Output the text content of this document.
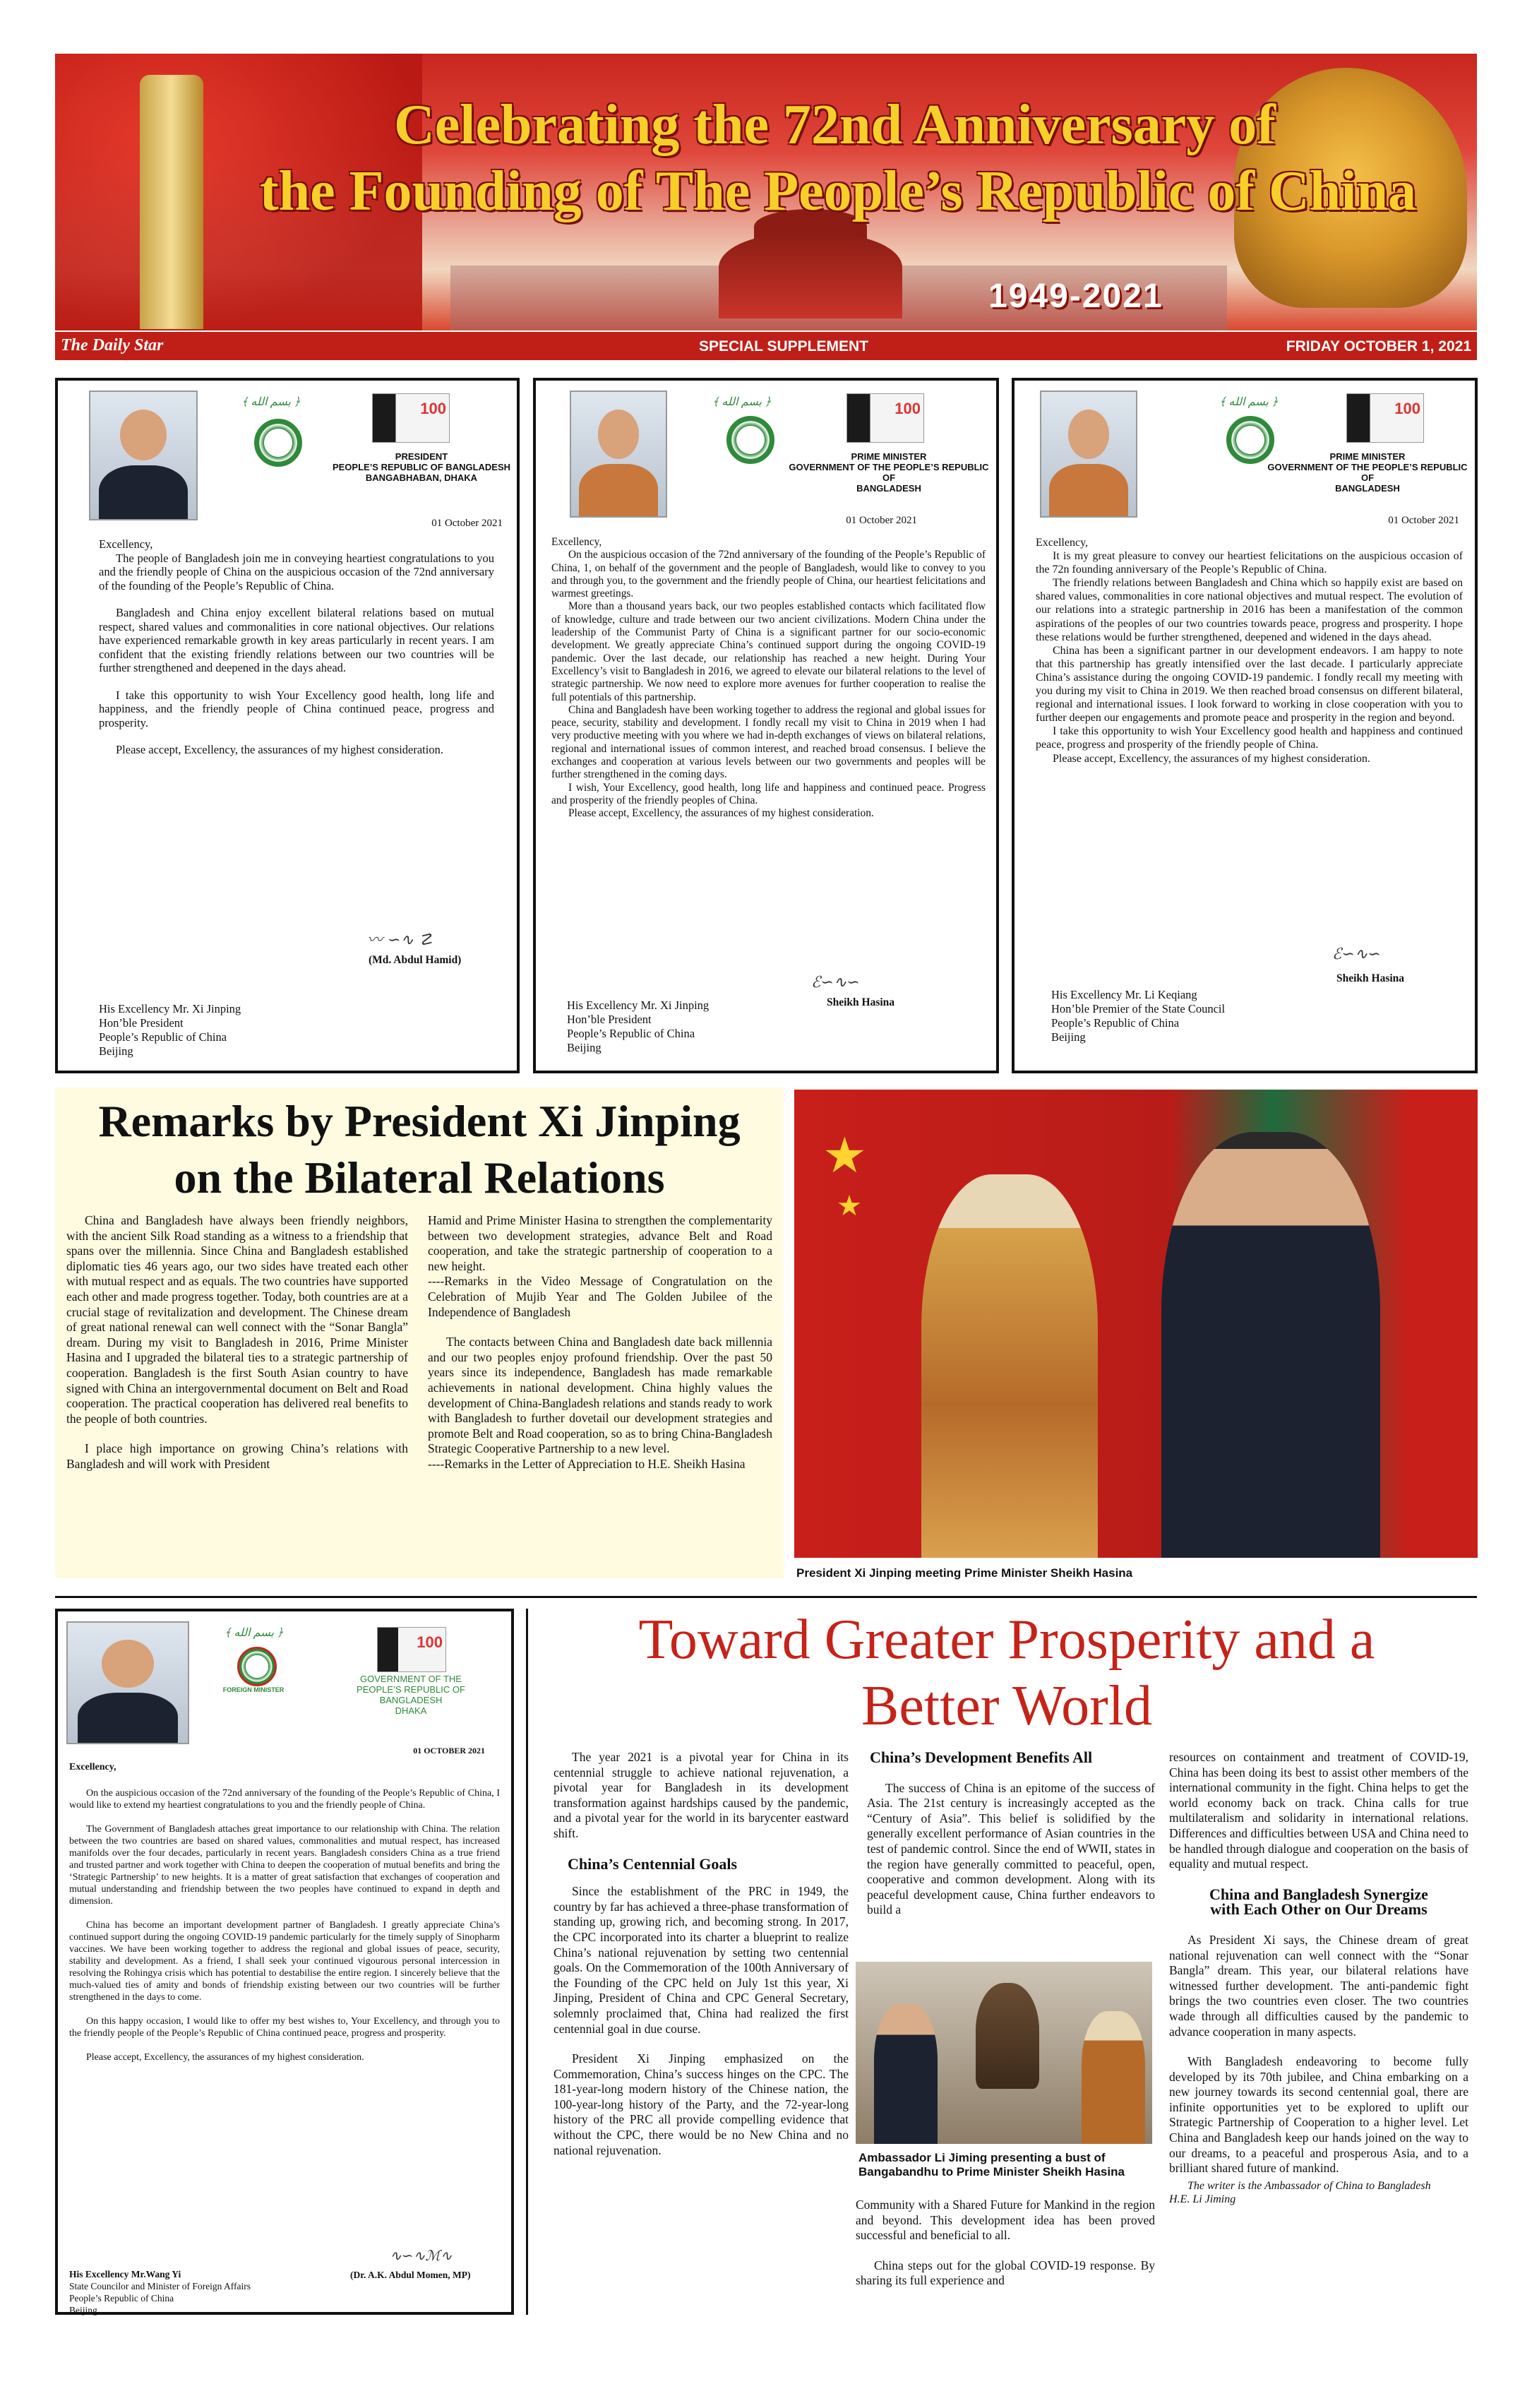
Celebrating the 72nd Anniversary of
the Founding of The People’s Republic of China
1949-2021
The Daily Star	SPECIAL SUPPLEMENT	FRIDAY OCTOBER 1, 2021
﴾ بسم الله ﴿	100
PRESIDENT
PEOPLE’S REPUBLIC OF BANGLADESH
BANGABHABAN, DHAKA
01 October 2021
Excellency,

The people of Bangladesh join me in conveying heartiest congratulations to you and the friendly people of China on the auspicious occasion of the 72nd anniversary of the founding of the People’s Republic of China.

Bangladesh and China enjoy excellent bilateral relations based on mutual respect, shared values and commonalities in core national objectives. Our relations have experienced remarkable growth in key areas particularly in recent years. I am confident that the existing friendly relations between our two countries will be further strengthened and deepened in the days ahead.

I take this opportunity to wish Your Excellency good health, long life and happiness, and the friendly people of China continued peace, progress and prosperity.

Please accept, Excellency, the assurances of my highest consideration.

〰 ∽∿ ☡
(Md. Abdul Hamid)
His Excellency Mr. Xi Jinping
Hon’ble President
People’s Republic of China
Beijing
﴾ بسم الله ﴿	100
PRIME MINISTER
GOVERNMENT OF THE PEOPLE’S REPUBLIC OF
BANGLADESH
01 October 2021
Excellency,

On the auspicious occasion of the 72nd anniversary of the founding of the People’s Republic of China, 1, on behalf of the government and the people of Bangladesh, would like to convey to you and through you, to the government and the friendly people of China, our heartiest felicitations and warmest greetings.

More than a thousand years back, our two peoples established contacts which facilitated flow of knowledge, culture and trade between our two ancient civilizations. Modern China under the leadership of the Communist Party of China is a significant partner for our socio-economic development. We greatly appreciate China’s continued support during the ongoing COVID-19 pandemic. Over the last decade, our relationship has reached a new height. During Your Excellency’s visit to Bangladesh in 2016, we agreed to elevate our bilateral relations to the level of strategic partnership. We now need to explore more avenues for further cooperation to realise the full potentials of this partnership.

China and Bangladesh have been working together to address the regional and global issues for peace, security, stability and development. I fondly recall my visit to China in 2019 when I had very productive meeting with you where we had in-depth exchanges of views on bilateral relations, regional and international issues of common interest, and reached broad consensus. I believe the exchanges and cooperation at various levels between our two governments and peoples will be further strengthened in the coming days.

I wish, Your Excellency, good health, long life and happiness and continued peace. Progress and prosperity of the friendly peoples of China.

Please accept, Excellency, the assurances of my highest consideration.

ℰ∽∿∽
Sheikh Hasina
His Excellency Mr. Xi Jinping
Hon’ble President
People’s Republic of China
Beijing
﴾ بسم الله ﴿	100
PRIME MINISTER
GOVERNMENT OF THE PEOPLE’S REPUBLIC OF
BANGLADESH
01 October 2021
Excellency,

It is my great pleasure to convey our heartiest felicitations on the auspicious occasion of the 72n founding anniversary of the People’s Republic of China.

The friendly relations between Bangladesh and China which so happily exist are based on shared values, commonalities in core national objectives and mutual respect. The evolution of our relations into a strategic partnership in 2016 has been a manifestation of the common aspirations of the peoples of our two countries towards peace, progress and prosperity. I hope these relations would be further strengthened, deepened and widened in the days ahead.

China has been a significant partner in our development endeavors. I am happy to note that this partnership has greatly intensified over the last decade. I particularly appreciate China’s assistance during the ongoing COVID-19 pandemic. I fondly recall my meeting with you during my visit to China in 2019. We then reached broad consensus on different bilateral, regional and international issues. I look forward to working in close cooperation with you to further deepen our engagements and promote peace and prosperity in the region and beyond.

I take this opportunity to wish Your Excellency good health and happiness and continued peace, progress and prosperity of the friendly people of China.

Please accept, Excellency, the assurances of my highest consideration.

ℰ∽∿∽
Sheikh Hasina
His Excellency Mr. Li Keqiang
Hon’ble Premier of the State Council
People’s Republic of China
Beijing
Remarks by President Xi Jinping
on the Bilateral Relations

China and Bangladesh have always been friendly neighbors, with the ancient Silk Road standing as a witness to a friendship that spans over the millennia. Since China and Bangladesh established diplomatic ties 46 years ago, our two sides have treated each other with mutual respect and as equals. The two countries have supported each other and made progress together. Today, both countries are at a crucial stage of revitalization and development. The Chinese dream of great national renewal can well connect with the “Sonar Bangla” dream. During my visit to Bangladesh in 2016, Prime Minister Hasina and I upgraded the bilateral ties to a strategic partnership of cooperation. Bangladesh is the first South Asian country to have signed with China an intergovernmental document on Belt and Road cooperation. The practical cooperation has delivered real benefits to the people of both countries.

I place high importance on growing China’s relations with Bangladesh and will work with President

Hamid and Prime Minister Hasina to strengthen the complementarity between two development strategies, advance Belt and Road cooperation, and take the strategic partnership of cooperation to a new height.

----Remarks in the Video Message of Congratulation on the Celebration of Mujib Year and The Golden Jubilee of the Independence of Bangladesh

The contacts between China and Bangladesh date back millennia and our two peoples enjoy profound friendship. Over the past 50 years since its independence, Bangladesh has made remarkable achievements in national development. China highly values the development of China-Bangladesh relations and stands ready to work with Bangladesh to further dovetail our development strategies and promote Belt and Road cooperation, so as to bring China-Bangladesh Strategic Cooperative Partnership to a new level.

----Remarks in the Letter of Appreciation to H.E. Sheikh Hasina

★
★
President Xi Jinping meeting Prime Minister Sheikh Hasina
﴾ بسم الله ﴿
FOREIGN MINISTER
100
GOVERNMENT OF THE
PEOPLE’S REPUBLIC OF BANGLADESH
DHAKA
01 OCTOBER 2021
Excellency,

On the auspicious occasion of the 72nd anniversary of the founding of the People’s Republic of China, I would like to extend my heartiest congratulations to you and the friendly people of China.

The Government of Bangladesh attaches great importance to our relationship with China. The relation between the two countries are based on shared values, commonalities and mutual respect, has increased manifolds over the four decades, particularly in recent years. Bangladesh considers China as a true friend and trusted partner and work together with China to deepen the cooperation of mutual benefits and bring the ‘Strategic Partnership’ to new heights. It is a matter of great satisfaction that exchanges of cooperation and mutual understanding and friendship between the two peoples have continued to expand in depth and dimension.

China has become an important development partner of Bangladesh. I greatly appreciate China’s continued support during the ongoing COVID-19 pandemic particularly for the timely supply of Sinopharm vaccines. We have been working together to address the regional and global issues of peace, security, stability and development. As a friend, I shall seek your continued vigourous personal intercession in resolving the Rohingya crisis which has potential to destabilise the entire region. I sincerely believe that the much-valued ties of amity and bonds of friendship existing between our two countries will be further strengthened in the days to come.

On this happy occasion, I would like to offer my best wishes to, Your Excellency, and through you to the friendly people of the People’s Republic of China continued peace, progress and prosperity.

Please accept, Excellency, the assurances of my highest consideration.

∿∽∿ℳ∿
(Dr. A.K. Abdul Momen, MP)
His Excellency Mr.Wang Yi
State Councilor and Minister of Foreign Affairs
People’s Republic of China
Beijing
Toward Greater Prosperity and a
Better World

The year 2021 is a pivotal year for China in its centennial struggle to achieve national rejuvenation, a pivotal year for Bangladesh in its development transformation against hardships caused by the pandemic, and a pivotal year for the world in its barycenter eastward shift.

China’s Centennial Goals

Since the establishment of the PRC in 1949, the country by far has achieved a three-phase transformation of standing up, growing rich, and becoming strong. In 2017, the CPC incorporated into its charter a blueprint to realize China’s national rejuvenation by setting two centennial goals. On the Commemoration of the 100th Anniversary of the Founding of the CPC held on July 1st this year, Xi Jinping, President of China and CPC General Secretary, solemnly proclaimed that, China had realized the first centennial goal in due course.

President Xi Jinping emphasized on the Commemoration, China’s success hinges on the CPC. The 181-year-long modern history of the Chinese nation, the 100-year-long history of the Party, and the 72-year-long history of the PRC all provide compelling evidence that without the CPC, there would be no New China and no national rejuvenation.

China’s Development Benefits All

The success of China is an epitome of the success of Asia. The 21st century is increasingly accepted as the “Century of Asia”. This belief is solidified by the generally excellent performance of Asian countries in the test of pandemic control. Since the end of WWII, states in the region have generally committed to peaceful, open, cooperative and common development. Along with its peaceful development cause, China further endeavors to build a

Ambassador Li Jiming presenting a bust of Bangabandhu to Prime Minister Sheikh Hasina

Community with a Shared Future for Mankind in the region and beyond. This development idea has been proved successful and beneficial to all.

China steps out for the global COVID-19 response. By sharing its full experience and

resources on containment and treatment of COVID-19, China has been doing its best to assist other members of the international community in the fight. China helps to get the world economy back on track. China calls for true multilateralism and solidarity in international relations. Differences and difficulties between USA and China need to be handled through dialogue and cooperation on the basis of equality and mutual respect.

China and Bangladesh Synergize
with Each Other on Our Dreams

As President Xi says, the Chinese dream of great national rejuvenation can well connect with the “Sonar Bangla” dream. This year, our bilateral relations have witnessed further development. The anti-pandemic fight brings the two countries even closer. The two countries wade through all difficulties caused by the pandemic to advance cooperation in many aspects.

With Bangladesh endeavoring to become fully developed by its 70th jubilee, and China embarking on a new journey towards its second centennial goal, there are infinite opportunities yet to be explored to uplift our Strategic Partnership of Cooperation to a higher level. Let China and Bangladesh keep our hands joined on the way to our dreams, to a peaceful and prosperous Asia, and to a brilliant shared future of mankind.

The writer is the Ambassador of China to Bangladesh
H.E. Li Jiming
